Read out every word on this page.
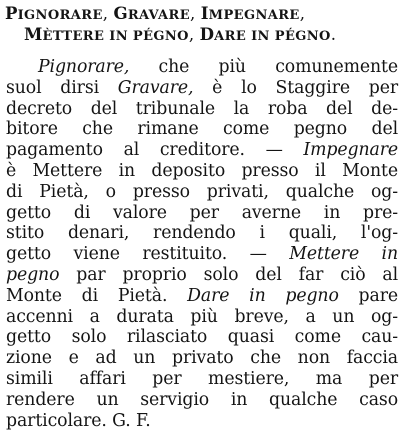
PIGNORARE, GRAVARE, IMPEGNARE,
MÈTTERE IN PÉGNO, DARE IN PÉGNO.
Pignorare, che più comunemente
suol dirsi Gravare, è lo Staggire per
decreto del tribunale la roba del de-
bitore che rimane come pegno del
pagamento al creditore. — Impegnare
è Mettere in deposito presso il Monte
di Pietà, o presso privati, qualche og-
getto di valore per averne in pre-
stito denari, rendendo i quali, l'og-
getto viene restituito. — Mettere in
pegno par proprio solo del far ciò al
Monte di Pietà. Dare in pegno pare
accenni a durata più breve, a un og-
getto solo rilasciato quasi come cau-
zione e ad un privato che non faccia
simili affari per mestiere, ma per
rendere un servigio in qualche caso
particolare. G. F.
